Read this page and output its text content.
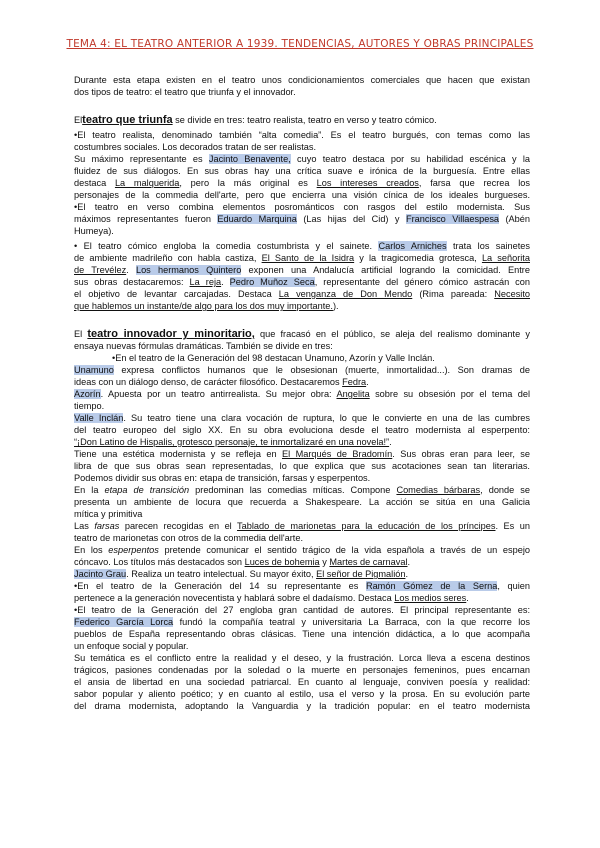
TEMA 4: EL TEATRO ANTERIOR A 1939. TENDENCIAS, AUTORES Y OBRAS PRINCIPALES
Durante esta etapa existen en el teatro unos condicionamientos comerciales que hacen que existan
dos tipos de teatro: el teatro que triunfa y el innovador.
Elteatro que triunfa se divide en tres: teatro realista, teatro en verso y teatro cómico.
•El teatro realista, denominado también “alta comedia”. Es el teatro burgués, con temas como las
costumbres sociales. Los decorados tratan de ser realistas.
Su máximo representante es Jacinto Benavente, cuyo teatro destaca por su habilidad escénica y la
fluidez de sus diálogos. En sus obras hay una crítica suave e irónica de la burguesía. Entre ellas
destaca La malquerida, pero la más original es Los intereses creados, farsa que recrea los
personajes de la commedia dell'arte, pero que encierra una visión cínica de los ideales burgueses.
•El teatro en verso combina elementos posrománticos con rasgos del estilo modernista. Sus
máximos representantes fueron Eduardo Marquina (Las hijas del Cid) y Francisco Villaespesa (Abén
Humeya).
• El teatro cómico engloba la comedia costumbrista y el sainete. Carlos Arniches trata los sainetes
de ambiente madrileño con habla castiza, El Santo de la Isidra y la tragicomedia grotesca, La señorita
de Trevélez. Los hermanos Quintero exponen una Andalucía artificial logrando la comicidad. Entre
sus obras destacaremos: La reja. Pedro Muñoz Seca, representante del género cómico astracán con
el objetivo de levantar carcajadas. Destaca La venganza de Don Mendo (Rima pareada: Necesito
que hablemos un instante/de algo para los dos muy importante.).
El teatro innovador y minoritario, que fracasó en el público, se aleja del realismo dominante y
ensaya nuevas fórmulas dramáticas. También se divide en tres:
•En el teatro de la Generación del 98 destacan Unamuno, Azorín y Valle Inclán.
Unamuno expresa conflictos humanos que le obsesionan (muerte, inmortalidad...). Son dramas de
ideas con un diálogo denso, de carácter filosófico. Destacaremos Fedra.
Azorín. Apuesta por un teatro antirrealista. Su mejor obra: Angelita sobre su obsesión por el tema del
tiempo.
Valle Inclán. Su teatro tiene una clara vocación de ruptura, lo que le convierte en una de las cumbres
del teatro europeo del siglo XX. En su obra evoluciona desde el teatro modernista al esperpento:
“¡Don Latino de Hispalis, grotesco personaje, te inmortalizaré en una novela!”.
Tiene una estética modernista y se refleja en El Marqués de Bradomín. Sus obras eran para leer, se
libra de que sus obras sean representadas, lo que explica que sus acotaciones sean tan literarias.
Podemos dividir sus obras en: etapa de transición, farsas y esperpentos.
En la etapa de transición predominan las comedias míticas. Compone Comedias bárbaras, donde se
presenta un ambiente de locura que recuerda a Shakespeare. La acción se sitúa en una Galicia
mítica y primitiva
Las farsas parecen recogidas en el Tablado de marionetas para la educación de los príncipes. Es un
teatro de marionetas con otros de la commedia dell'arte.
En los esperpentos pretende comunicar el sentido trágico de la vida española a través de un espejo
cóncavo. Los títulos más destacados son Luces de bohemia y Martes de carnaval.
Jacinto Grau. Realiza un teatro intelectual. Su mayor éxito, El señor de Pigmalión.
•En el teatro de la Generación del 14 su representante es Ramón Gómez de la Serna, quien
pertenece a la generación novecentista y hablará sobre el dadaísmo. Destaca Los medios seres.
•El teatro de la Generación del 27 engloba gran cantidad de autores. El principal representante es:
Federico García Lorca fundó la compañía teatral y universitaria La Barraca, con la que recorre los
pueblos de España representando obras clásicas. Tiene una intención didáctica, a lo que acompaña
un enfoque social y popular.
Su temática es el conflicto entre la realidad y el deseo, y la frustración. Lorca lleva a escena destinos
trágicos, pasiones condenadas por la soledad o la muerte en personajes femeninos, pues encarnan
el ansia de libertad en una sociedad patriarcal. En cuanto al lenguaje, conviven poesía y realidad:
sabor popular y aliento poético; y en cuanto al estilo, usa el verso y la prosa. En su evolución parte
del drama modernista, adoptando la Vanguardia y la tradición popular: en el teatro modernista
